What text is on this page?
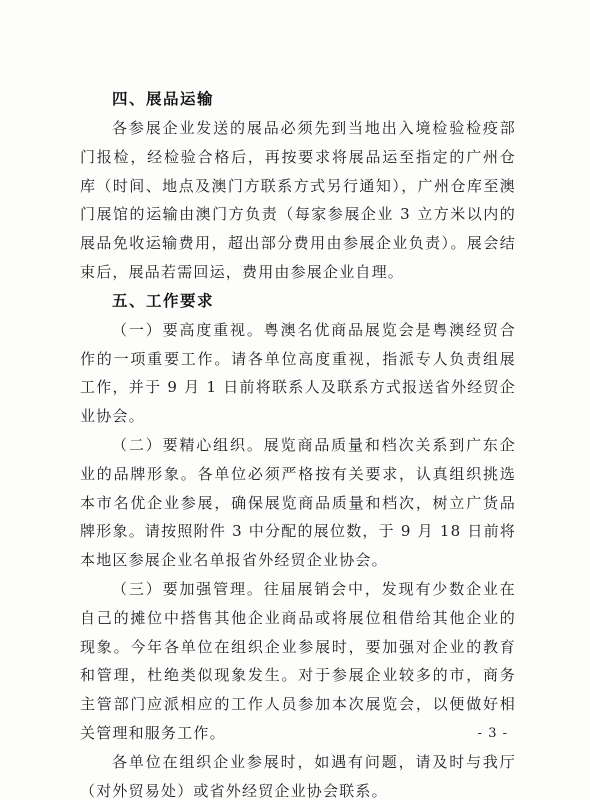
四、展品运输

各参展企业发送的展品必须先到当地出入境检验检疫部门报检，经检验合格后，再按要求将展品运至指定的广州仓库（时间、地点及澳门方联系方式另行通知），广州仓库至澳门展馆的运输由澳门方负责（每家参展企业 3 立方米以内的展品免收运输费用，超出部分费用由参展企业负责）。展会结束后，展品若需回运，费用由参展企业自理。

五、工作要求

（一）要高度重视。粤澳名优商品展览会是粤澳经贸合作的一项重要工作。请各单位高度重视，指派专人负责组展工作，并于 9 月 1 日前将联系人及联系方式报送省外经贸企业协会。

（二）要精心组织。展览商品质量和档次关系到广东企业的品牌形象。各单位必须严格按有关要求，认真组织挑选本市名优企业参展，确保展览商品质量和档次，树立广货品牌形象。请按照附件 3 中分配的展位数，于 9 月 18 日前将本地区参展企业名单报省外经贸企业协会。

（三）要加强管理。往届展销会中，发现有少数企业在自己的摊位中搭售其他企业商品或将展位租借给其他企业的现象。今年各单位在组织企业参展时，要加强对企业的教育和管理，杜绝类似现象发生。对于参展企业较多的市，商务主管部门应派相应的工作人员参加本次展览会，以便做好相关管理和服务工作。

各单位在组织企业参展时，如遇有问题，请及时与我厅（对外贸易处）或省外经贸企业协会联系。

- 3 -
